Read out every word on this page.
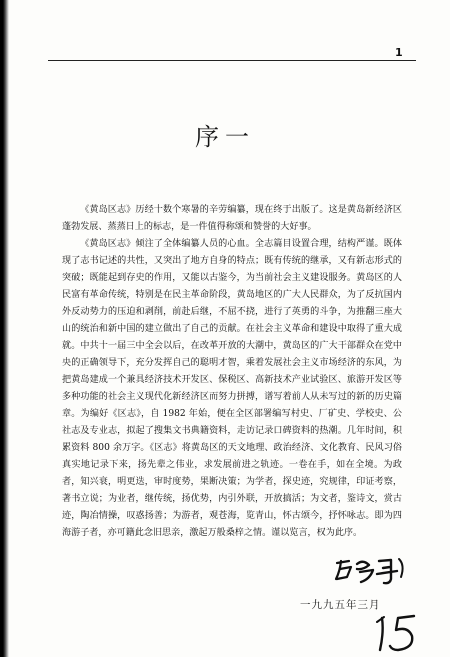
1
序一

《黄岛区志》历经十数个寒暑的辛劳编纂，现在终于出版了。这是黄岛新经济区蓬勃发展、蒸蒸日上的标志，是一件值得称颂和赞誉的大好事。

《黄岛区志》倾注了全体编纂人员的心血。全志篇目设置合理，结构严谨。既体现了志书记述的共性，又突出了地方自身的特点；既有传统的继承，又有新志形式的突破；既能起到存史的作用，又能以古鉴今，为当前社会主义建设服务。黄岛区的人民富有革命传统，特别是在民主革命阶段，黄岛地区的广大人民群众，为了反抗国内外反动势力的压迫和剥削，前赴后继，不屈不挠，进行了英勇的斗争，为推翻三座大山的统治和新中国的建立做出了自己的贡献。在社会主义革命和建设中取得了重大成就。中共十一届三中全会以后，在改革开放的大潮中，黄岛区的广大干部群众在党中央的正确领导下，充分发挥自己的聪明才智，乘着发展社会主义市场经济的东风，为把黄岛建成一个兼具经济技术开发区、保税区、高新技术产业试验区、旅游开发区等多种功能的社会主义现代化新经济区而努力拼搏，谱写着前人从未写过的新的历史篇章。为编好《区志》，自 1982 年始，便在全区部署编写村史、厂矿史、学校史、公社志及专业志，拟起了搜集文书典籍资料，走访记录口碑资料的热潮。几年时间，积累资料 800 余万字。《区志》将黄岛区的天文地理、政治经济、文化教育、民风习俗真实地记录下来，扬先辈之伟业，求发展前进之轨迹。一卷在手，如在全境。为政者，知兴衰，明更迭，审时度势，果断决策；为学者，探史迹，究规律，印证考察，著书立说；为业者，继传统，扬优势，内引外联，开放搞活；为文者，鉴诗文，赏古迹，陶冶情操，叹惑扬善；为游者，观苍海，览青山，怀古颂今，抒怀咏志。即为四海游子者，亦可籍此念旧思亲，激起万般桑梓之情。谨以览言，权为此序。

一九九五年三月
